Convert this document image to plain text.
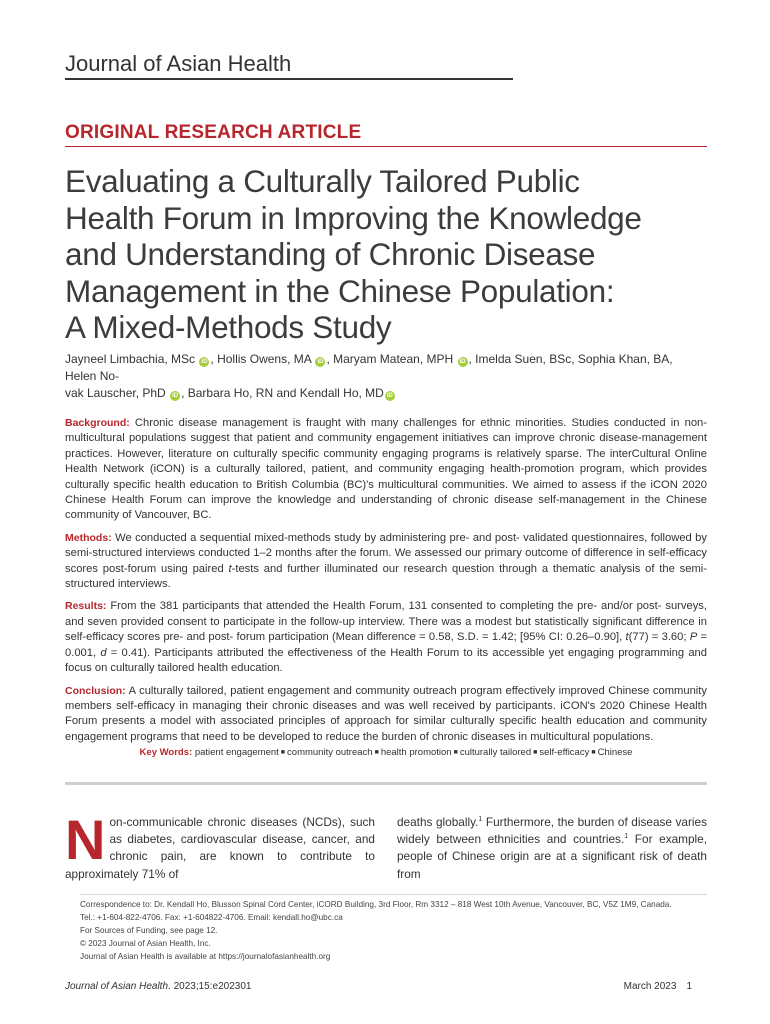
Journal of Asian Health
ORIGINAL RESEARCH ARTICLE
Evaluating a Culturally Tailored Public
Health Forum in Improving the Knowledge
and Understanding of Chronic Disease
Management in the Chinese Population:
A Mixed-Methods Study
Jayneel Limbachia, MSc iD , Hollis Owens, MA iD , Maryam Matean, MPH iD , Imelda Suen, BSc, Sophia Khan, BA, Helen No-
vak Lauscher, PhD iD , Barbara Ho, RN and Kendall Ho, MD iD

Background: Chronic disease management is fraught with many challenges for ethnic minorities. Studies conducted in non-multicultural populations suggest that patient and community engagement initiatives can improve chronic disease-management practices. However, literature on culturally specific community engaging programs is relatively sparse. The interCultural Online Health Network (iCON) is a culturally tailored, patient, and community engaging health-promotion program, which provides culturally specific health education to British Columbia (BC)'s multicultural communities. We aimed to assess if the iCON 2020 Chinese Health Forum can improve the knowledge and understanding of chronic disease self-management in the Chinese community of Vancouver, BC.

Methods: We conducted a sequential mixed-methods study by administering pre- and post- validated questionnaires, followed by semi-structured interviews conducted 1–2 months after the forum. We assessed our primary outcome of difference in self-efficacy scores post-forum using paired t-tests and further illuminated our research question through a thematic analysis of the semi-structured interviews.

Results: From the 381 participants that attended the Health Forum, 131 consented to completing the pre- and/or post- surveys, and seven provided consent to participate in the follow-up interview. There was a modest but statistically significant difference in self-efficacy scores pre- and post- forum participation (Mean difference = 0.58, S.D. = 1.42; [95% CI: 0.26–0.90], t(77) = 3.60; P = 0.001, d = 0.41). Participants attributed the effectiveness of the Health Forum to its accessible yet engaging programming and focus on culturally tailored health education.

Conclusion: A culturally tailored, patient engagement and community outreach program effectively improved Chinese community members self-efficacy in managing their chronic diseases and was well received by participants. iCON's 2020 Chinese Health Forum presents a model with associated principles of approach for similar culturally specific health education and community engagement programs that need to be developed to reduce the burden of chronic diseases in multicultural populations.

Key Words: patient engagement ■ community outreach ■ health promotion ■ culturally tailored ■ self-efficacy ■ Chinese
Non-communicable chronic diseases (NCDs), such as diabetes, cardiovascular disease, cancer, and chronic pain, are known to contribute to approximately 71% of
deaths globally.$^1$ Furthermore, the burden of disease varies widely between ethnicities and countries.$^1$ For example, people of Chinese origin are at a significant risk of death from
Correspondence to: Dr. Kendall Ho, Blusson Spinal Cord Center, iCORD Building, 3rd Floor, Rm 3312 – 818 West 10th Avenue, Vancouver, BC, V5Z 1M9, Canada.
Tel.: +1-604-822-4706. Fax: +1-604822-4706. Email: kendall.ho@ubc.ca
For Sources of Funding, see page 12.
© 2023 Journal of Asian Health, Inc.
Journal of Asian Health is available at https://journalofasianhealth.org
Journal of Asian Health. 2023;15:e202301	March 2023 1
